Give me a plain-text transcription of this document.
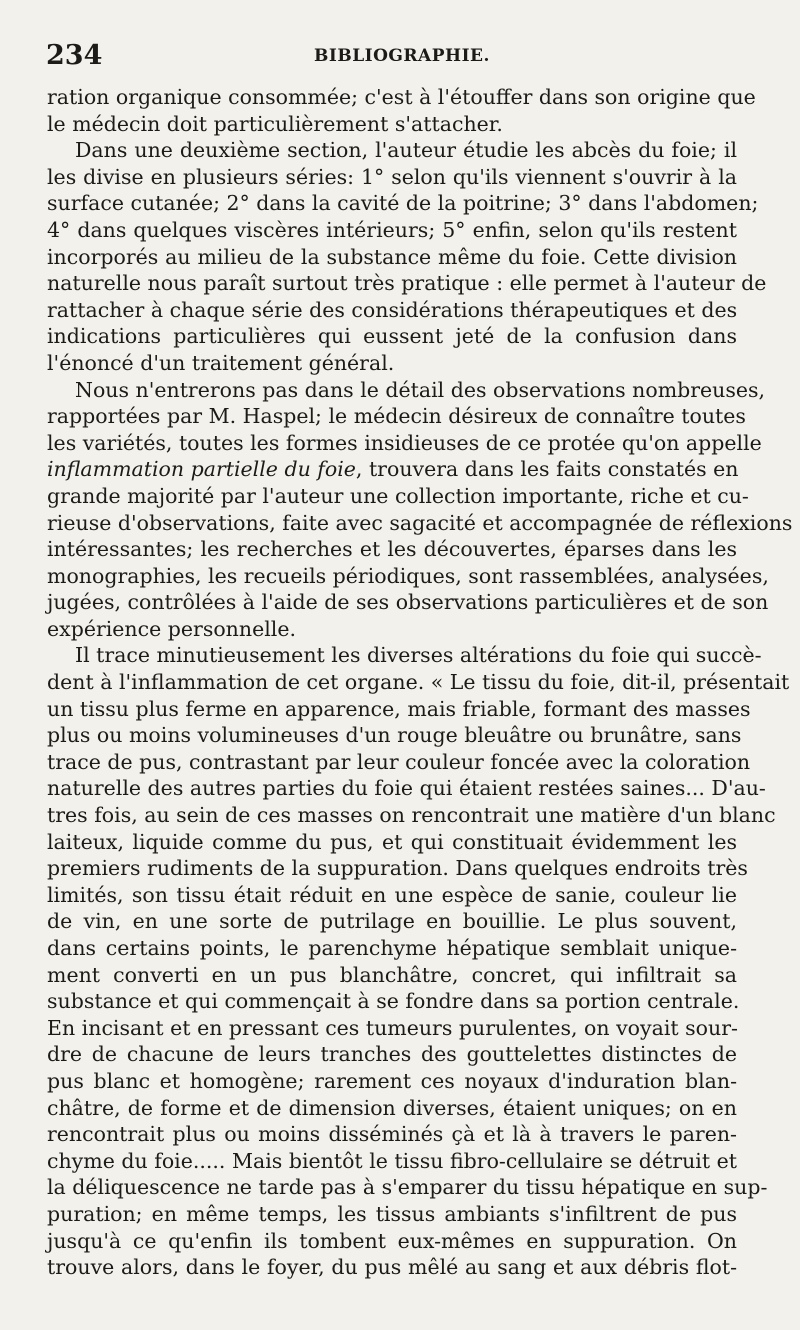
234	BIBLIOGRAPHIE.
ration organique consommée; c'est à l'étouffer dans son origine que
le médecin doit particulièrement s'attacher.
Dans une deuxième section, l'auteur étudie les abcès du foie; il
les divise en plusieurs séries: 1° selon qu'ils viennent s'ouvrir à la
surface cutanée; 2° dans la cavité de la poitrine; 3° dans l'abdomen;
4° dans quelques viscères intérieurs; 5° enfin, selon qu'ils restent
incorporés au milieu de la substance même du foie. Cette division
naturelle nous paraît surtout très pratique : elle permet à l'auteur de
rattacher à chaque série des considérations thérapeutiques et des
indications particulières qui eussent jeté de la confusion dans
l'énoncé d'un traitement général.
Nous n'entrerons pas dans le détail des observations nombreuses,
rapportées par M. Haspel; le médecin désireux de connaître toutes
les variétés, toutes les formes insidieuses de ce protée qu'on appelle
inflammation partielle du foie, trouvera dans les faits constatés en
grande majorité par l'auteur une collection importante, riche et cu-
rieuse d'observations, faite avec sagacité et accompagnée de réflexions
intéressantes; les recherches et les découvertes, éparses dans les
monographies, les recueils périodiques, sont rassemblées, analysées,
jugées, contrôlées à l'aide de ses observations particulières et de son
expérience personnelle.
Il trace minutieusement les diverses altérations du foie qui succè-
dent à l'inflammation de cet organe. « Le tissu du foie, dit-il, présentait
un tissu plus ferme en apparence, mais friable, formant des masses
plus ou moins volumineuses d'un rouge bleuâtre ou brunâtre, sans
trace de pus, contrastant par leur couleur foncée avec la coloration
naturelle des autres parties du foie qui étaient restées saines... D'au-
tres fois, au sein de ces masses on rencontrait une matière d'un blanc
laiteux, liquide comme du pus, et qui constituait évidemment les
premiers rudiments de la suppuration. Dans quelques endroits très
limités, son tissu était réduit en une espèce de sanie, couleur lie
de vin, en une sorte de putrilage en bouillie. Le plus souvent,
dans certains points, le parenchyme hépatique semblait unique-
ment converti en un pus blanchâtre, concret, qui infiltrait sa
substance et qui commençait à se fondre dans sa portion centrale.
En incisant et en pressant ces tumeurs purulentes, on voyait sour-
dre de chacune de leurs tranches des gouttelettes distinctes de
pus blanc et homogène; rarement ces noyaux d'induration blan-
châtre, de forme et de dimension diverses, étaient uniques; on en
rencontrait plus ou moins disséminés çà et là à travers le paren-
chyme du foie..... Mais bientôt le tissu fibro-cellulaire se détruit et
la déliquescence ne tarde pas à s'emparer du tissu hépatique en sup-
puration; en même temps, les tissus ambiants s'infiltrent de pus
jusqu'à ce qu'enfin ils tombent eux-mêmes en suppuration. On
trouve alors, dans le foyer, du pus mêlé au sang et aux débris flot-
